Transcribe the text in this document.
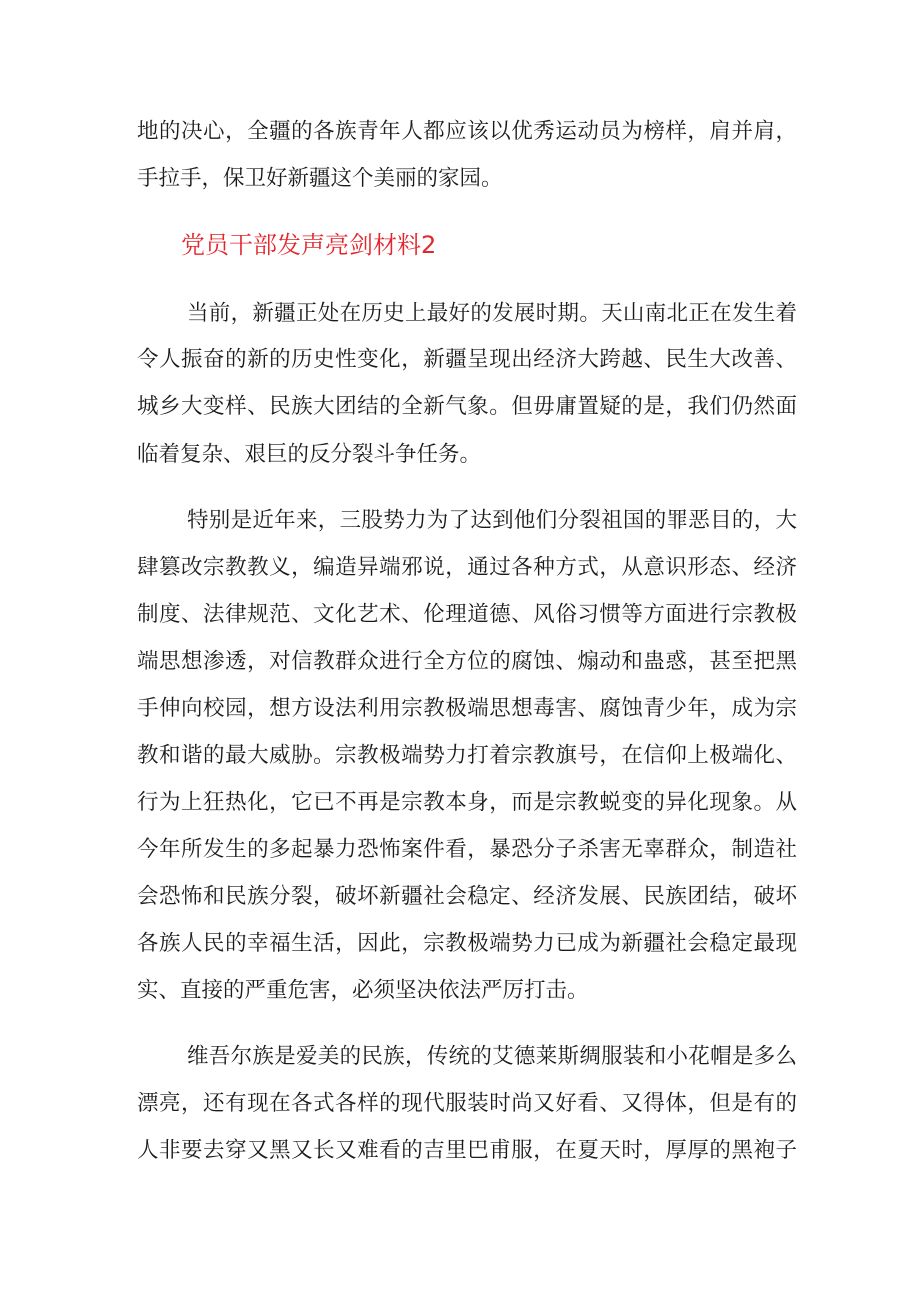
地的决心，全疆的各族青年人都应该以优秀运动员为榜样，肩并肩，
手拉手，保卫好新疆这个美丽的家园。
党员干部发声亮剑材料2
当前，新疆正处在历史上最好的发展时期。天山南北正在发生着
令人振奋的新的历史性变化，新疆呈现出经济大跨越、民生大改善、
城乡大变样、民族大团结的全新气象。但毋庸置疑的是，我们仍然面
临着复杂、艰巨的反分裂斗争任务。
特别是近年来，三股势力为了达到他们分裂祖国的罪恶目的，大
肆篡改宗教教义，编造异端邪说，通过各种方式，从意识形态、经济
制度、法律规范、文化艺术、伦理道德、风俗习惯等方面进行宗教极
端思想渗透，对信教群众进行全方位的腐蚀、煽动和蛊惑，甚至把黑
手伸向校园，想方设法利用宗教极端思想毒害、腐蚀青少年，成为宗
教和谐的最大威胁。宗教极端势力打着宗教旗号，在信仰上极端化、
行为上狂热化，它已不再是宗教本身，而是宗教蜕变的异化现象。从
今年所发生的多起暴力恐怖案件看，暴恐分子杀害无辜群众，制造社
会恐怖和民族分裂，破坏新疆社会稳定、经济发展、民族团结，破坏
各族人民的幸福生活，因此，宗教极端势力已成为新疆社会稳定最现
实、直接的严重危害，必须坚决依法严厉打击。
维吾尔族是爱美的民族，传统的艾德莱斯绸服装和小花帽是多么
漂亮，还有现在各式各样的现代服装时尚又好看、又得体，但是有的
人非要去穿又黑又长又难看的吉里巴甫服，在夏天时，厚厚的黑袍子
